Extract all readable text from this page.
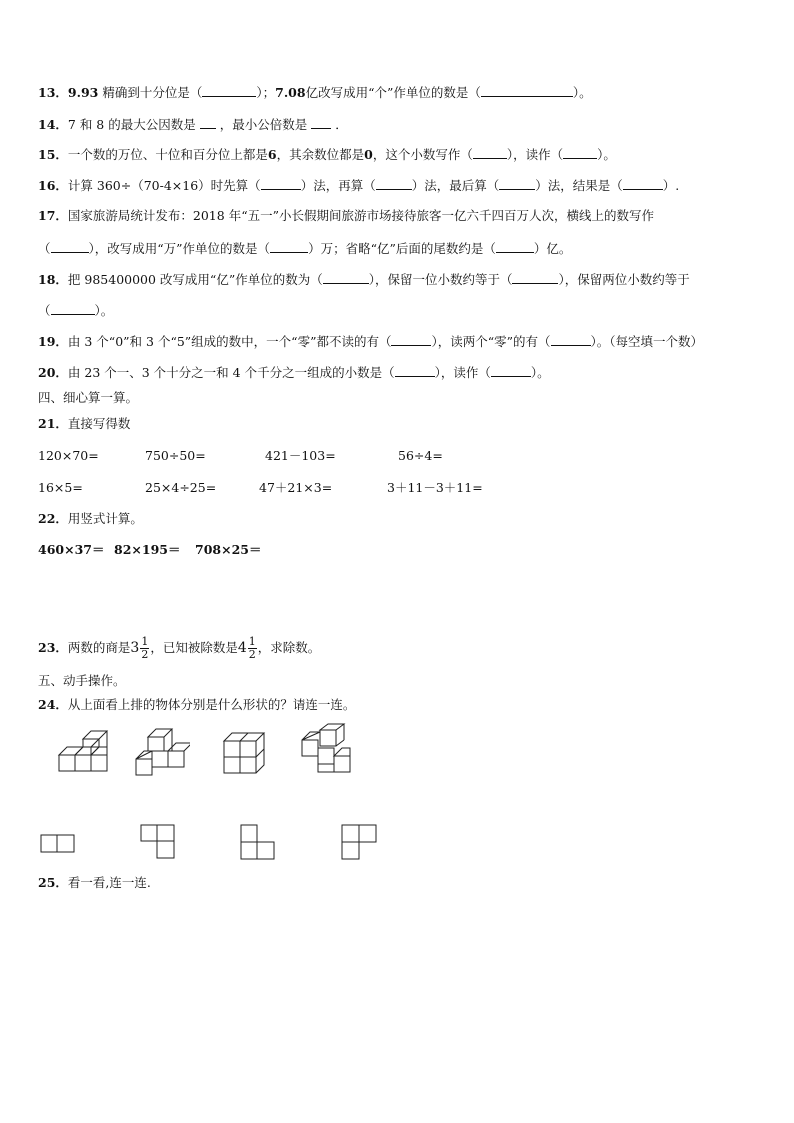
13．9.93 精确到十分位是（	）；7.08亿改写成用“个”作单位的数是（	）。
14．7 和 8 的最大公因数是 ，最小公倍数是 ．
15．一个数的万位、十位和百分位上都是6，其余数位都是0，这个小数写作（	），读作（	）。
16．计算 360÷（70-4×16）时先算（	）法，再算（	）法，最后算（	）法，结果是（	）.
17．国家旅游局统计发布：2018 年“五一”小长假期间旅游市场接待旅客一亿六千四百万人次，横线上的数写作
（	），改写成用“万”作单位的数是（	）万；省略“亿”后面的尾数约是（	）亿。
18．把 985400000 改写成用“亿”作单位的数为（	），保留一位小数约等于（	），保留两位小数约等于
（	）。
19．由 3 个“0”和 3 个“5”组成的数中，一个“零”都不读的有（	），读两个“零”的有（	）。（每空填一个数）
20．由 23 个一、3 个十分之一和 4 个千分之一组成的小数是（	），读作（	）。
四、细心算一算。
21．直接写得数
120×70=	750÷50=	421－103=	56÷4=
16×5=	25×4÷25=	47＋21×3=	3＋11－3＋11=
22．用竖式计算。
460×37＝ 82×195＝ 708×25＝
23．两数的商是$3 \frac{1}{2}$ ，已知被除数是$4 \frac{1}{2}$ ，求除数。
五、动手操作。
24．从上面看上排的物体分别是什么形状的？请连一连。
25．看一看,连一连.
